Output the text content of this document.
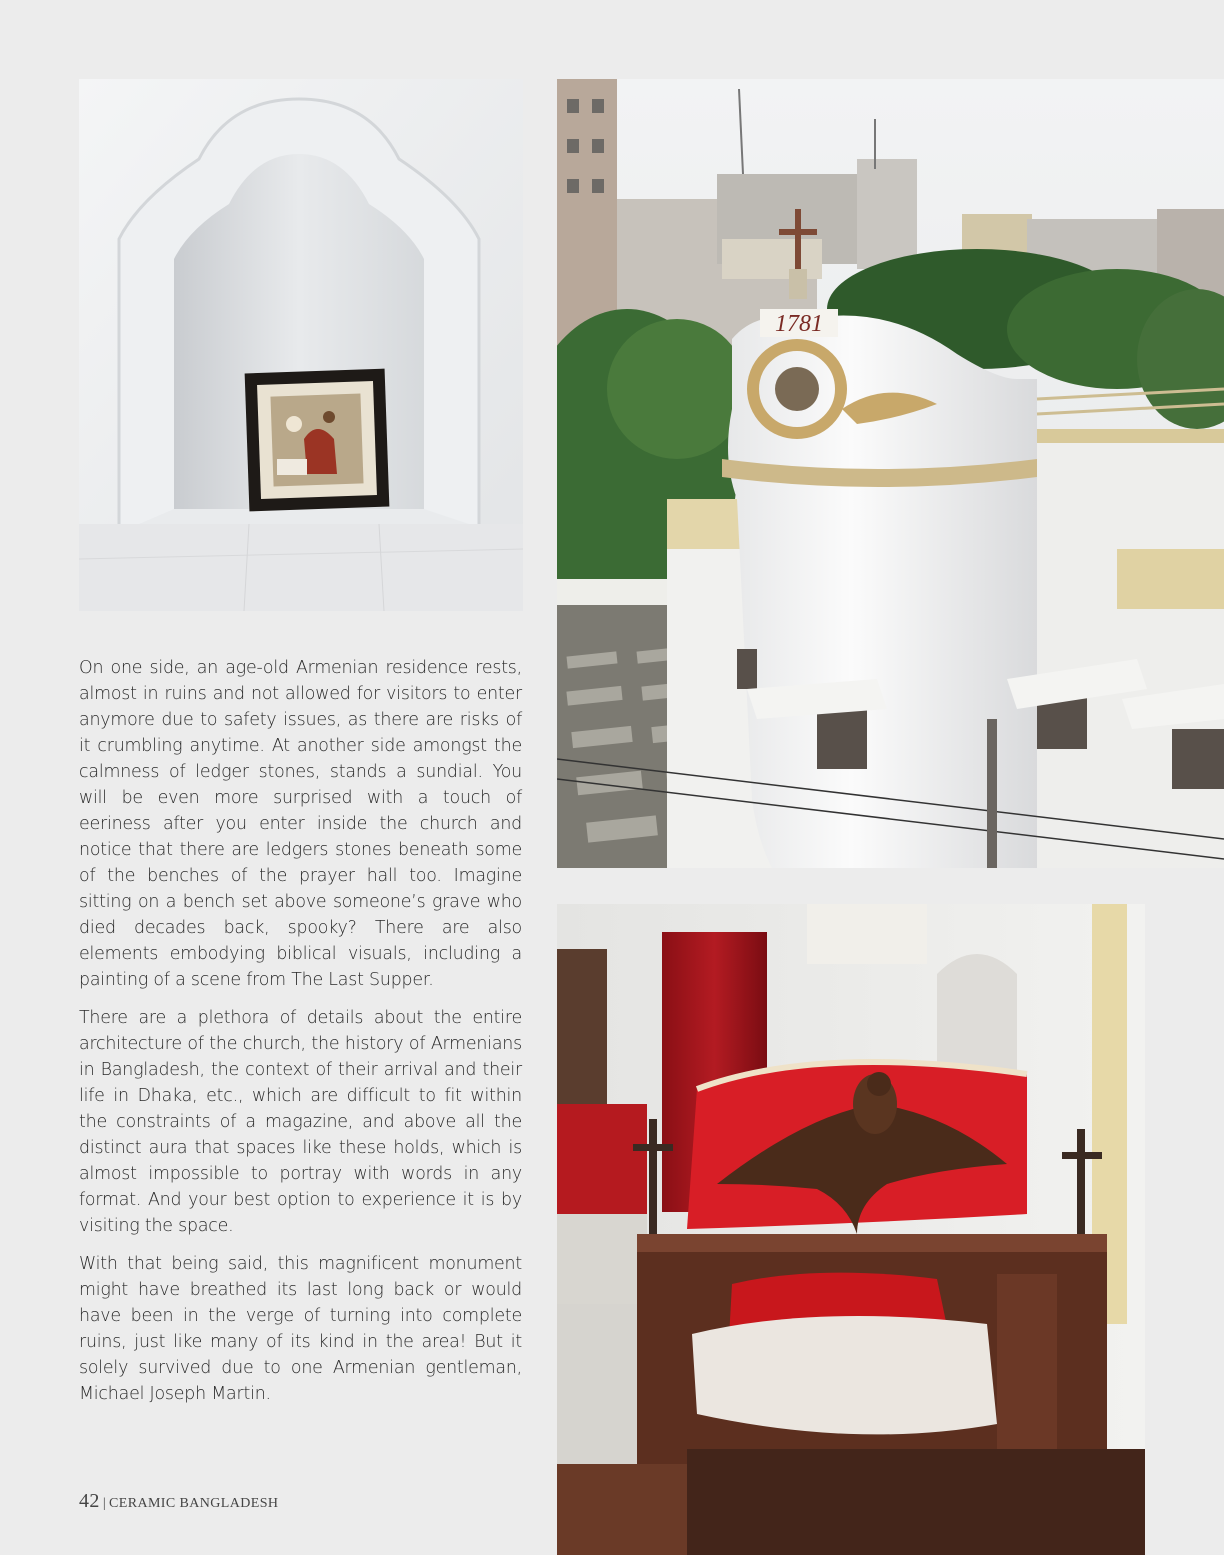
1781

On one side, an age-old Armenian residence rests, almost in ruins and not allowed for visitors to enter anymore due to safety issues, as there are risks of it crumbling anytime. At another side amongst the calmness of ledger stones, stands a sundial. You will be even more surprised with a touch of eeriness after you enter inside the church and notice that there are ledgers stones beneath some of the benches of the prayer hall too. Imagine sitting on a bench set above someone’s grave who died decades back, spooky? There are also elements embodying biblical visuals, including a painting of a scene from The Last Supper.

There are a plethora of details about the entire architecture of the church, the history of Armenians in Bangladesh, the context of their arrival and their life in Dhaka, etc., which are difficult to fit within the constraints of a magazine, and above all the distinct aura that spaces like these holds, which is almost impossible to portray with words in any format. And your best option to experience it is by visiting the space.

With that being said, this magnificent monument might have breathed its last long back or would have been in the verge of turning into complete ruins, just like many of its kind in the area! But it solely survived due to one Armenian gentleman, Michael Joseph Martin.

42 | CERAMIC BANGLADESH
